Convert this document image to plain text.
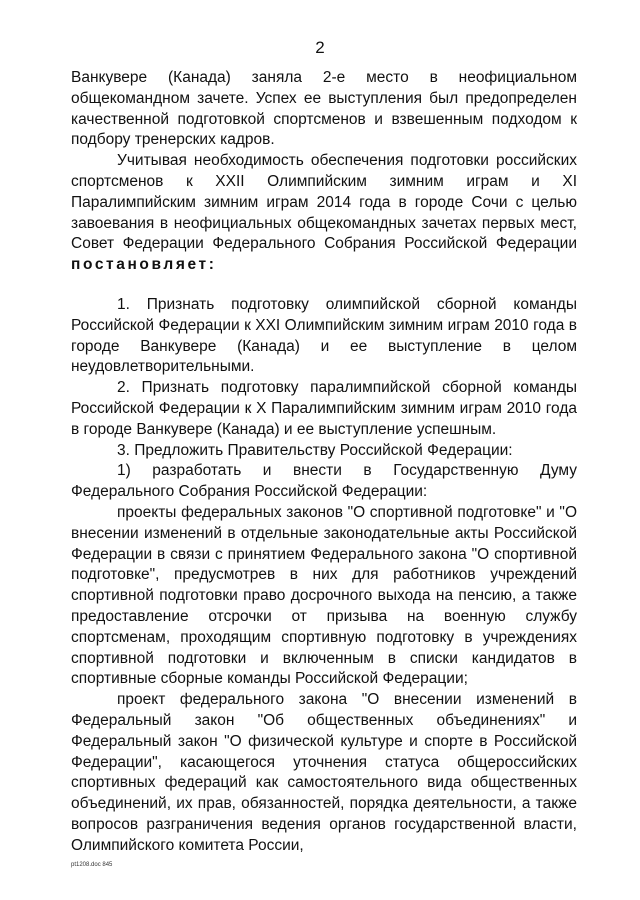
2

Ванкувере (Канада) заняла 2-е место в неофициальном общекомандном зачете. Успех ее выступления был предопределен качественной подготовкой спортсменов и взвешенным подходом к подбору тренерских кадров.

Учитывая необходимость обеспечения подготовки российских спортсменов к XXII Олимпийским зимним играм и XI Паралимпийским зимним играм 2014 года в городе Сочи с целью завоевания в неофициальных общекомандных зачетах первых мест, Совет Федерации Федерального Собрания Российской Федерации постановляет:

1. Признать подготовку олимпийской сборной команды Российской Федерации к XXI Олимпийским зимним играм 2010 года в городе Ванкувере (Канада) и ее выступление в целом неудовлетворительными.

2. Признать подготовку паралимпийской сборной команды Российской Федерации к X Паралимпийским зимним играм 2010 года в городе Ванкувере (Канада) и ее выступление успешным.

3. Предложить Правительству Российской Федерации:

1) разработать и внести в Государственную Думу Федерального Собрания Российской Федерации:

проекты федеральных законов "О спортивной подготовке" и "О внесении изменений в отдельные законодательные акты Российской Федерации в связи с принятием Федерального закона "О спортивной подготовке", предусмотрев в них для работников учреждений спортивной подготовки право досрочного выхода на пенсию, а также предоставление отсрочки от призыва на военную службу спортсменам, проходящим спортивную подготовку в учреждениях спортивной подготовки и включенным в списки кандидатов в спортивные сборные команды Российской Федерации;

проект федерального закона "О внесении изменений в Федеральный закон "Об общественных объединениях" и Федеральный закон "О физической культуре и спорте в Российской Федерации", касающегося уточнения статуса общероссийских спортивных федераций как самостоятельного вида общественных объединений, их прав, обязанностей, порядка деятельности, а также вопросов разграничения ведения органов государственной власти, Олимпийского комитета России,

pt1208.doc 845
